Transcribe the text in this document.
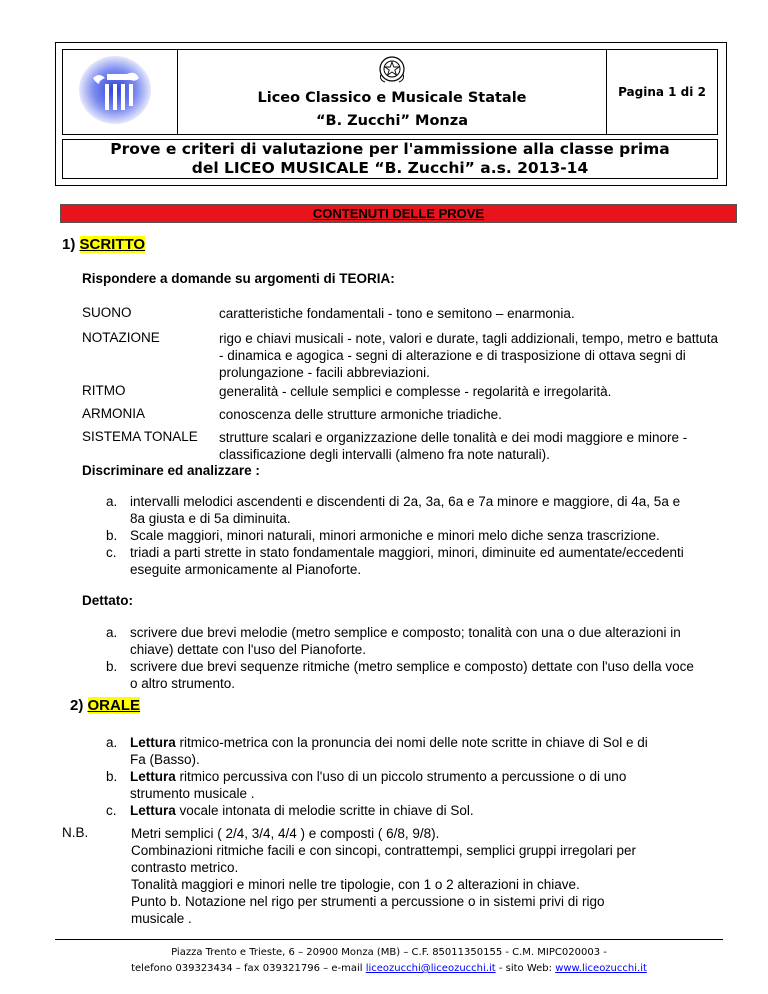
Liceo Classico e Musicale Statale
“B. Zucchi” Monza
Pagina 1 di 2
Prove e criteri di valutazione per l'ammissione alla classe prima
del LICEO MUSICALE “B. Zucchi” a.s. 2013-14
CONTENUTI DELLE PROVE
1) SCRITTO
Rispondere a domande su argomenti di TEORIA:
SUONO	caratteristiche fondamentali - tono e semitono – enarmonia.
NOTAZIONE	rigo e chiavi musicali - note, valori e durate, tagli addizionali, tempo, metro e battuta - dinamica e agogica - segni di alterazione e di trasposizione di ottava segni di prolungazione - facili abbreviazioni.
RITMO	generalità - cellule semplici e complesse - regolarità e irregolarità.
ARMONIA	conoscenza delle strutture armoniche triadiche.
SISTEMA TONALE strutture scalari e organizzazione delle tonalità e dei modi maggiore e minore - classificazione degli intervalli (almeno fra note naturali).
Discriminare ed analizzare :
a. intervalli melodici ascendenti e discendenti di 2a, 3a, 6a e 7a minore e maggiore, di 4a, 5a e 8a giusta e di 5a diminuita.
b. Scale maggiori, minori naturali, minori armoniche e minori melo diche senza trascrizione.
c. triadi a parti strette in stato fondamentale maggiori, minori, diminuite ed aumentate/eccedenti eseguite armonicamente al Pianoforte.
Dettato:
a. scrivere due brevi melodie (metro semplice e composto; tonalità con una o due alterazioni in chiave) dettate con l'uso del Pianoforte.
b. scrivere due brevi sequenze ritmiche (metro semplice e composto) dettate con l'uso della voce o altro strumento.
2) ORALE
a. Lettura ritmico-metrica con la pronuncia dei nomi delle note scritte in chiave di Sol e di Fa (Basso).
b. Lettura ritmico percussiva con l'uso di un piccolo strumento a percussione o di uno strumento musicale .
c. Lettura vocale intonata di melodie scritte in chiave di Sol.
N.B.	Metri semplici ( 2/4, 3/4, 4/4 ) e composti ( 6/8, 9/8).
Combinazioni ritmiche facili e con sincopi, contrattempi, semplici gruppi irregolari per contrasto metrico.
Tonalità maggiori e minori nelle tre tipologie, con 1 o 2 alterazioni in chiave.
Punto b. Notazione nel rigo per strumenti a percussione o in sistemi privi di rigo musicale .
Piazza Trento e Trieste, 6 – 20900 Monza (MB) – C.F. 85011350155 - C.M. MIPC020003 -
telefono 039323434 – fax 039321796 – e-mail liceozucchi@liceozucchi.it - sito Web: www.liceozucchi.it
